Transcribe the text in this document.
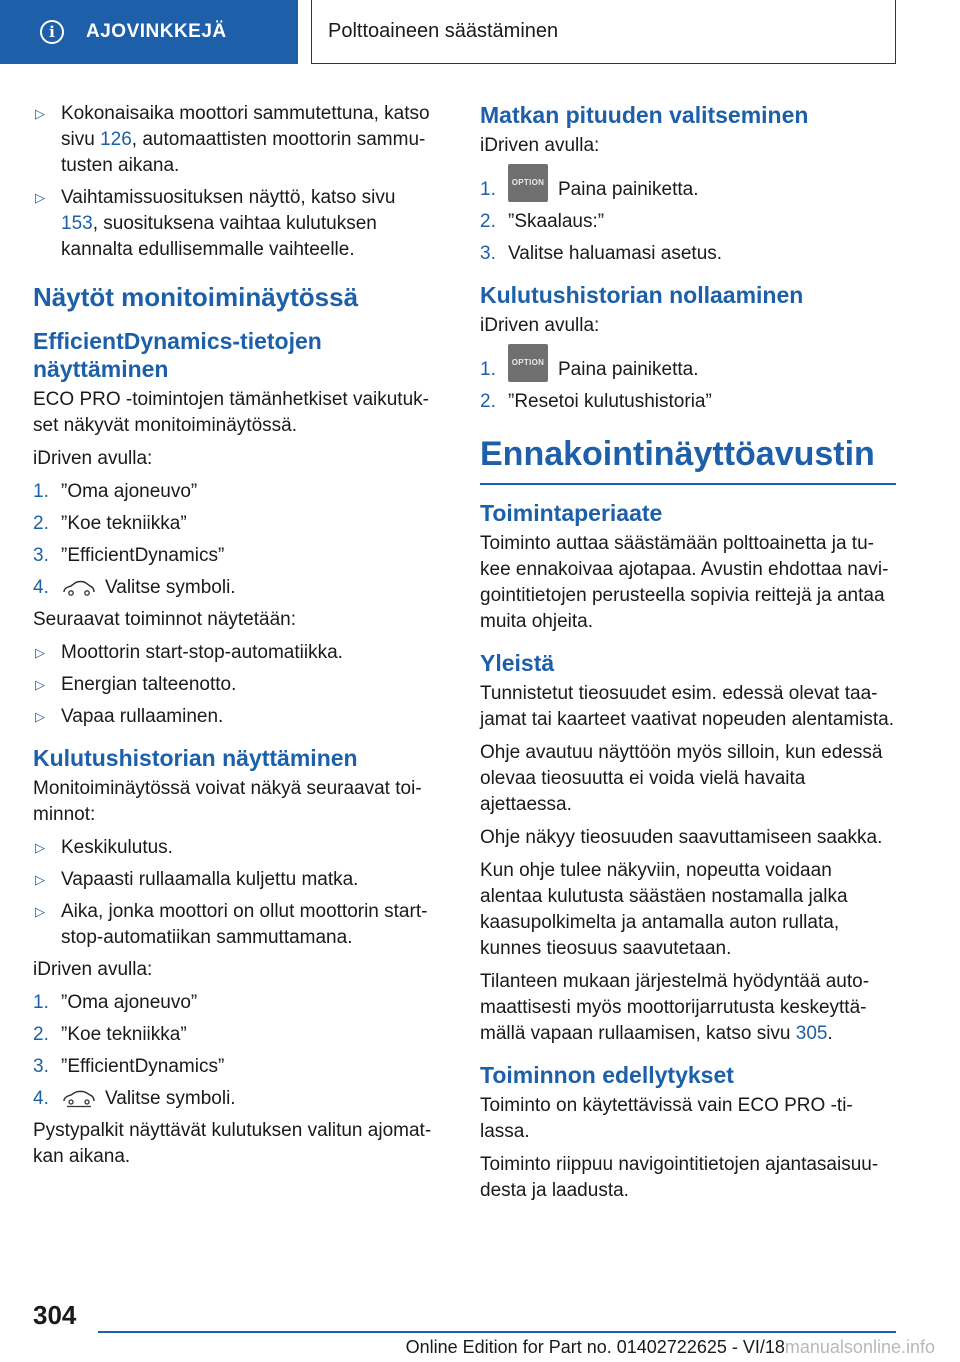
i	AJOVINKKEJÄ	Polttoaineen säästäminen
▷ Kokonaisaika moottori sammutettuna, katso sivu 126, automaattisten moottorin sammutusten aikana.
▷ Vaihtamissuosituksen näyttö, katso sivu 153, suosituksena vaihtaa kulutuksen kannalta edullisemmalle vaihteelle.
Näytöt monitoiminäytössä
EfficientDynamics-tietojen näyttäminen

ECO PRO -toimintojen tämänhetkiset vaikutukset näkyvät monitoiminäytössä.

iDriven avulla:

1. ”Oma ajoneuvo”
2. ”Koe tekniikka”
3. ”EfficientDynamics”
4.	Valitse symboli.

Seuraavat toiminnot näytetään:

▷ Moottorin start-stop-automatiikka.
▷ Energian talteenotto.
▷ Vapaa rullaaminen.
Kulutushistorian näyttäminen

Monitoiminäytössä voivat näkyä seuraavat toiminnot:

▷ Keskikulutus.
▷ Vapaasti rullaamalla kuljettu matka.
▷ Aika, jonka moottori on ollut moottorin start-stop-automatiikan sammuttamana.

iDriven avulla:

1. ”Oma ajoneuvo”
2. ”Koe tekniikka”
3. ”EfficientDynamics”
4.	Valitse symboli.

Pystypalkit näyttävät kulutuksen valitun ajomatkan aikana.

Matkan pituuden valitseminen

iDriven avulla:

1.	OPTION Paina painiketta.
2. ”Skaalaus:”
3. Valitse haluamasi asetus.
Kulutushistorian nollaaminen

iDriven avulla:

1.	OPTION Paina painiketta.
2. ”Resetoi kulutushistoria”
Ennakointinäyttöavustin
Toimintaperiaate

Toiminto auttaa säästämään polttoainetta ja tukee ennakoivaa ajotapaa. Avustin ehdottaa navigointitietojen perusteella sopivia reittejä ja antaa muita ohjeita.

Yleistä

Tunnistetut tieosuudet esim. edessä olevat taajamat tai kaarteet vaativat nopeuden alentamista.

Ohje avautuu näyttöön myös silloin, kun edessä olevaa tieosuutta ei voida vielä havaita ajettaessa.

Ohje näkyy tieosuuden saavuttamiseen saakka.

Kun ohje tulee näkyviin, nopeutta voidaan alentaa kulutusta säästäen nostamalla jalka kaasupolkimelta ja antamalla auton rullata, kunnes tieosuus saavutetaan.

Tilanteen mukaan järjestelmä hyödyntää automaattisesti myös moottorijarrutusta keskeyttämällä vapaan rullaamisen, katso sivu 305.

Toiminnon edellytykset

Toiminto on käytettävissä vain ECO PRO -tilassa.

Toiminto riippuu navigointitietojen ajantasaisuudesta ja laadusta.

304
Online Edition for Part no. 01402722625 - VI/18manualsonline.info
